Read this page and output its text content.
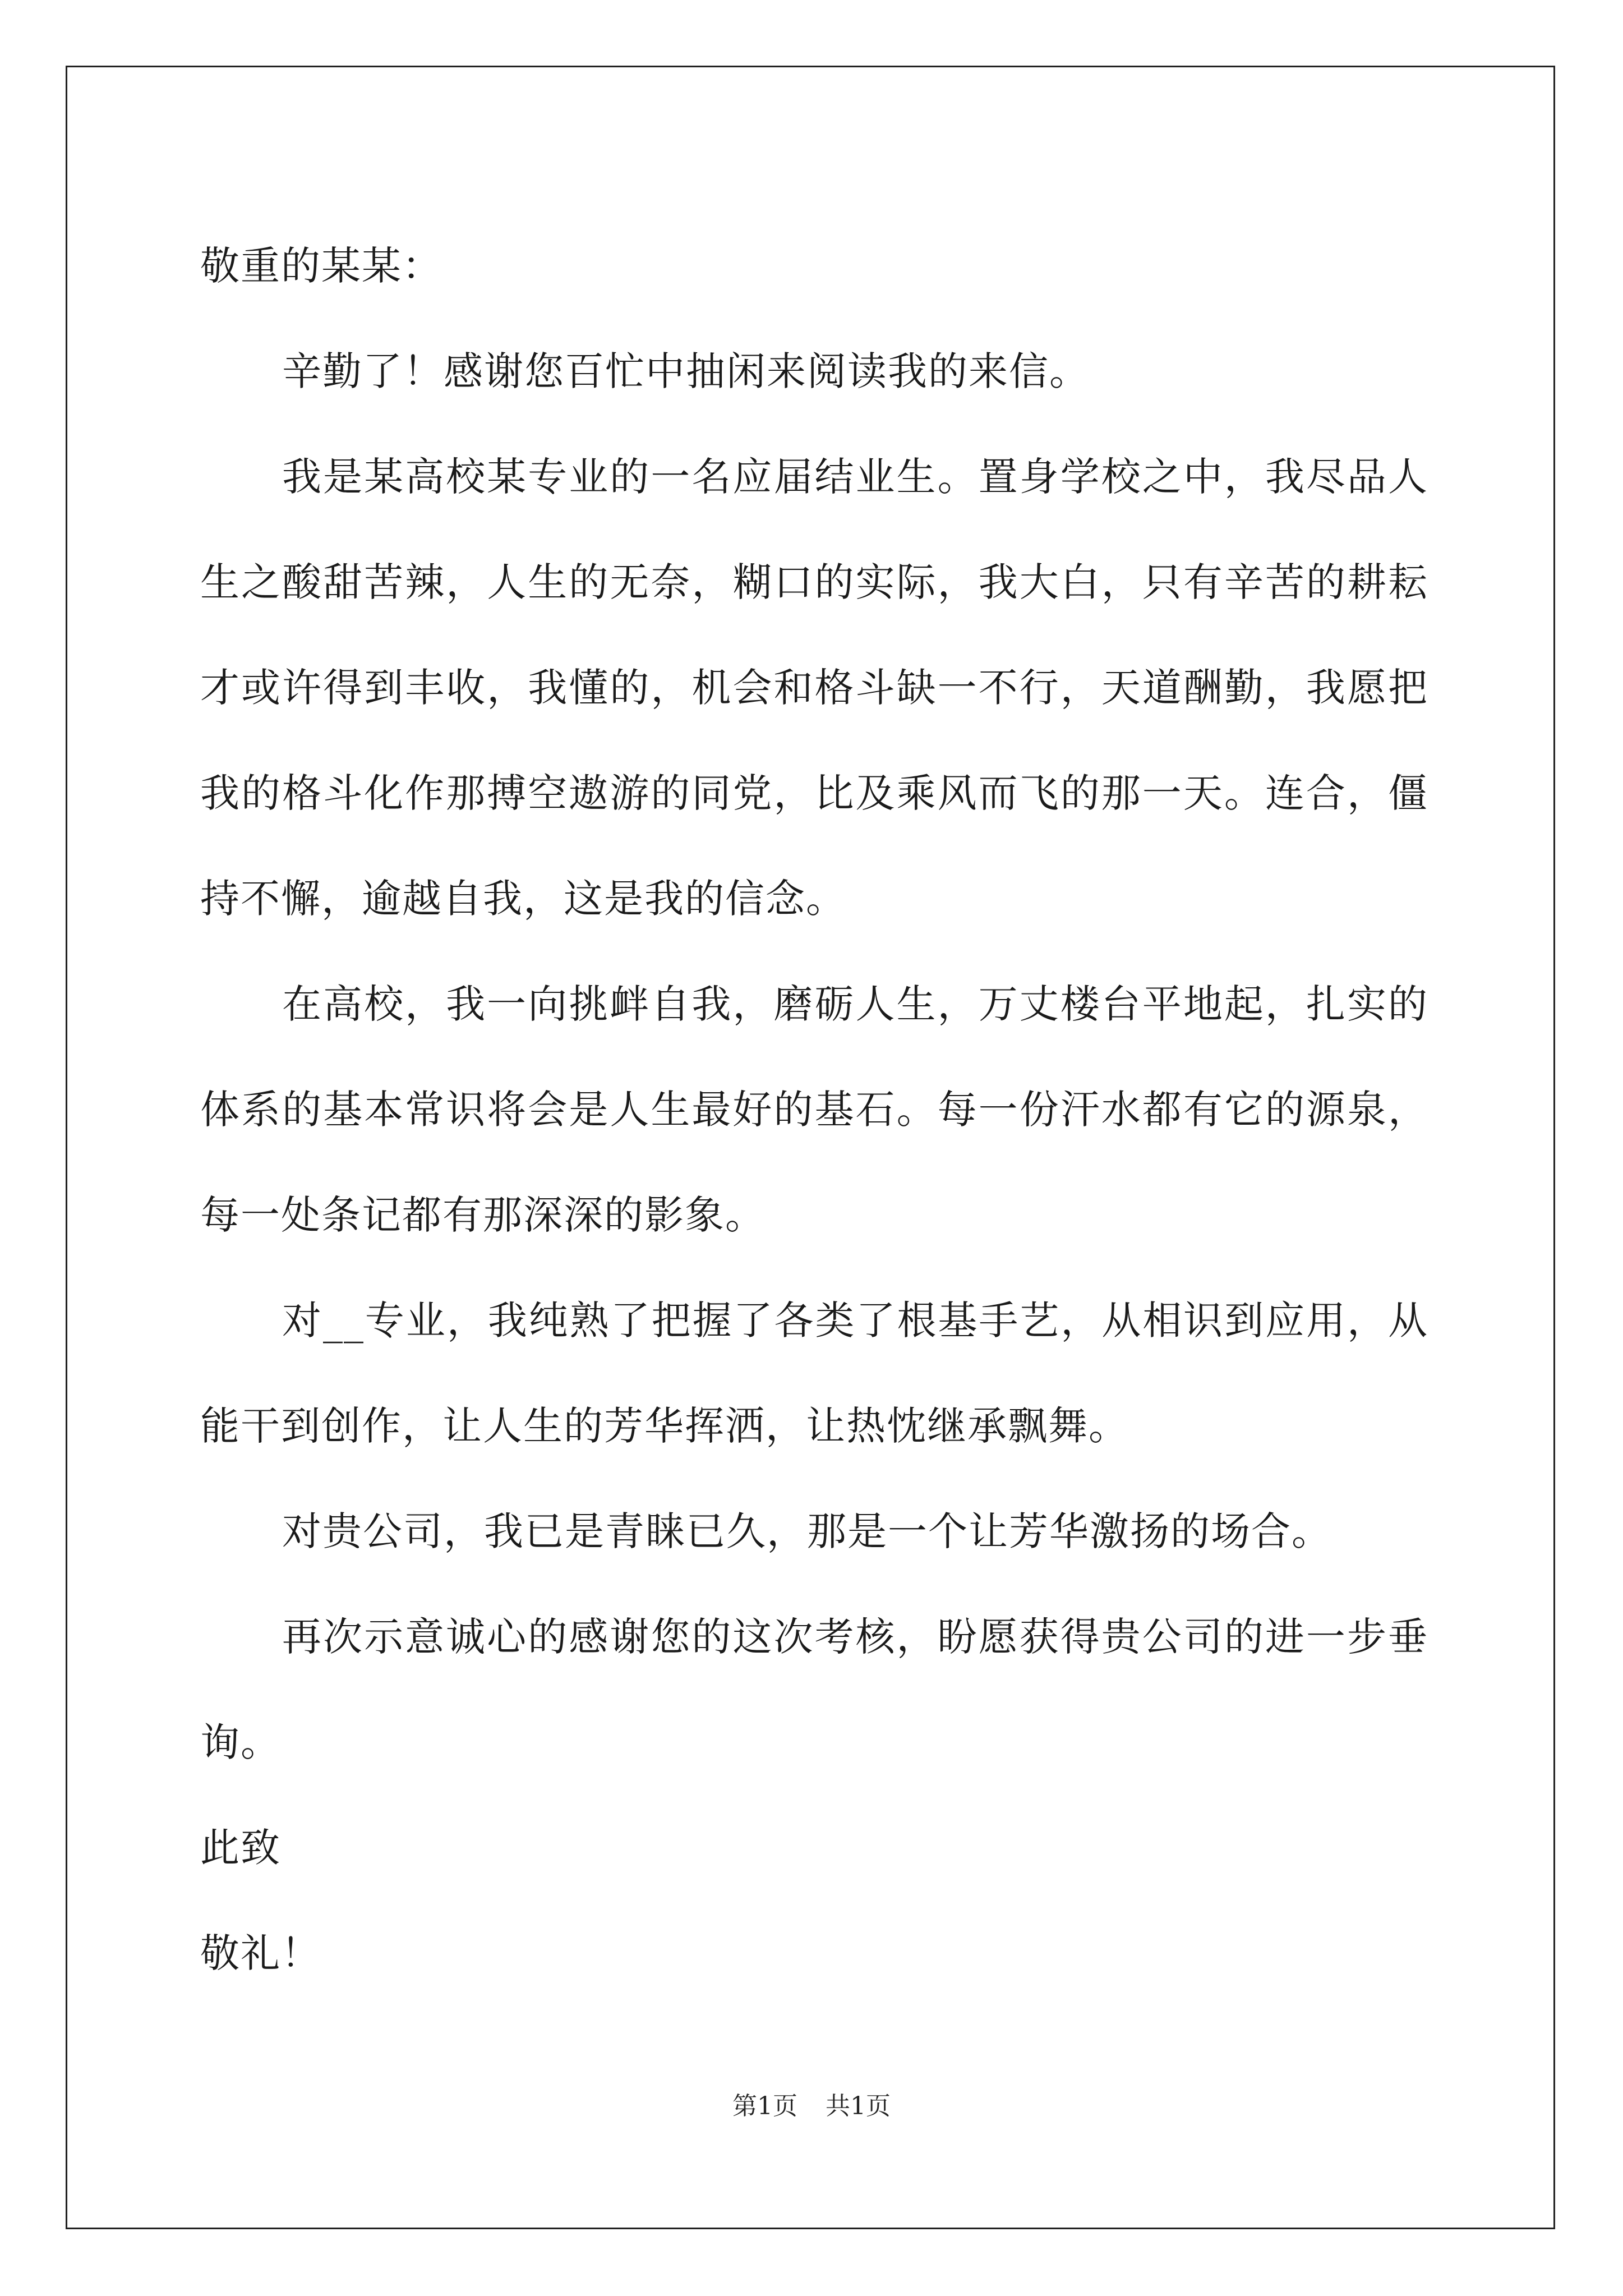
敬重的某某：

辛勤了！感谢您百忙中抽闲来阅读我的来信。

我是某高校某专业的一名应届结业生。置身学校之中，我尽品人生之酸甜苦辣，人生的无奈，糊口的实际，我大白，只有辛苦的耕耘才或许得到丰收，我懂的，机会和格斗缺一不行，天道酬勤，我愿把我的格斗化作那搏空遨游的同党，比及乘风而飞的那一天。连合，僵持不懈，逾越自我，这是我的信念。

在高校，我一向挑衅自我，磨砺人生，万丈楼台平地起，扎实的体系的基本常识将会是人生最好的基石。每一份汗水都有它的源泉，每一处条记都有那深深的影象。

对__专业，我纯熟了把握了各类了根基手艺，从相识到应用，从能干到创作，让人生的芳华挥洒，让热忱继承飘舞。

对贵公司，我已是青睐已久，那是一个让芳华激扬的场合。

再次示意诚心的感谢您的这次考核，盼愿获得贵公司的进一步垂询。

此致

敬礼！

第1页 共1页
